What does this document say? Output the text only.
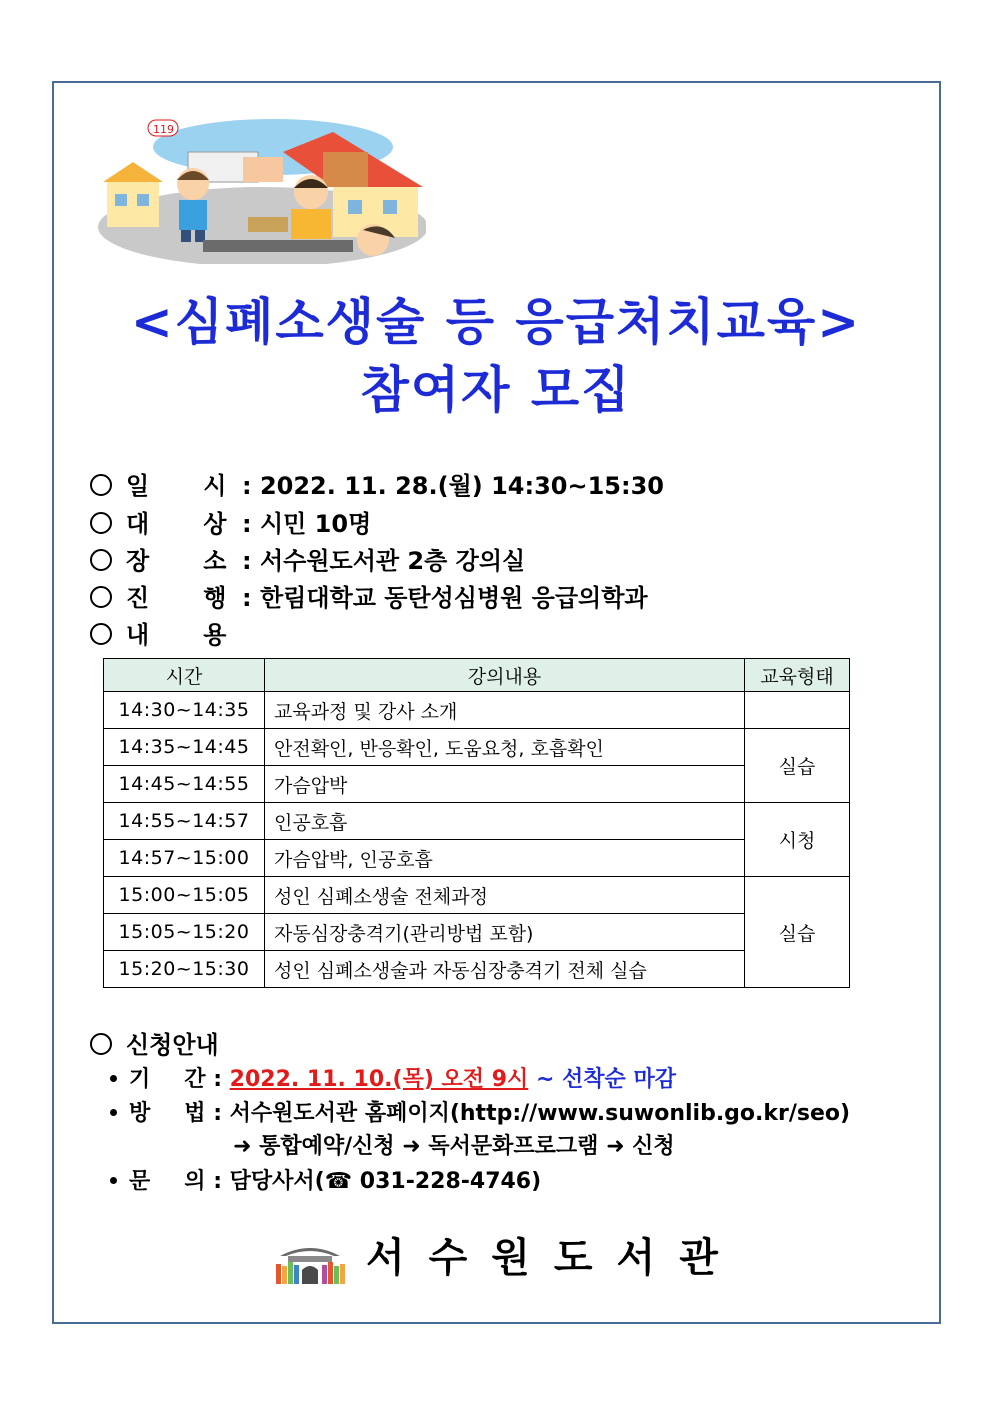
119
<심폐소생술 등 응급처치교육>
참여자 모집
일 시 : 2022. 11. 28.(월) 14:30~15:30
대 상 : 시민 10명
장 소 : 서수원도서관 2층 강의실
진 행 : 한림대학교 동탄성심병원 응급의학과
내 용
시간	강의내용	교육형태
14:30~14:35	교육과정 및 강사 소개	
14:35~14:45	안전확인, 반응확인, 도움요청, 호흡확인	실습
14:45~14:55	가슴압박	
14:55~14:57	인공호흡	시청
14:57~15:00	가슴압박, 인공호흡	
15:00~15:05	성인 심폐소생술 전체과정	실습
15:05~15:20	자동심장충격기(관리방법 포함)	
15:20~15:30	성인 심폐소생술과 자동심장충격기 전체 실습	
신청안내
기 간 : 2022. 11. 10.(목) 오전 9시 ~ 선착순 마감
방 법 : 서수원도서관 홈페이지(http://www.suwonlib.go.kr/seo)
➜ 통합예약/신청 ➜ 독서문화프로그램 ➜ 신청
문 의 : 담당사서(☎ 031-228-4746)
서수원도서관
